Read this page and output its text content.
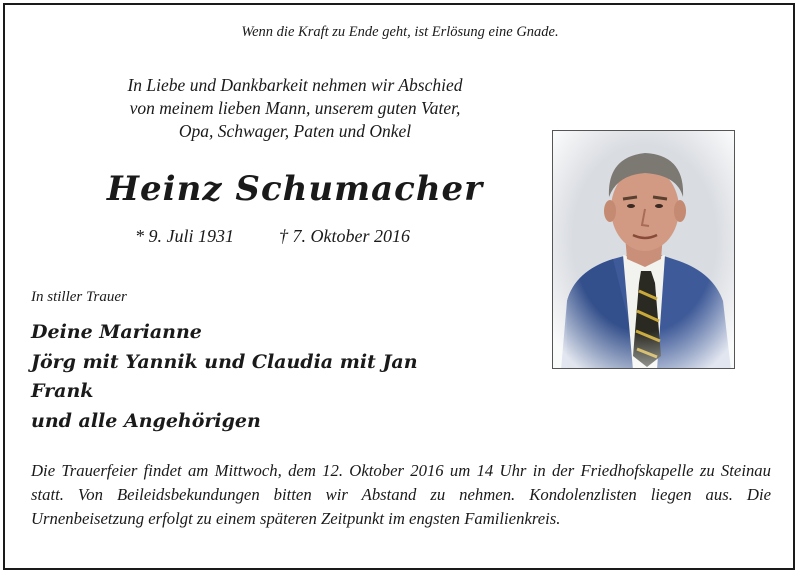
Wenn die Kraft zu Ende geht, ist Erlösung eine Gnade.
In Liebe und Dankbarkeit nehmen wir Abschied
von meinem lieben Mann, unserem guten Vater,
Opa, Schwager, Paten und Onkel
Heinz Schumacher
* 9. Juli 1931	† 7. Oktober 2016
In stiller Trauer
Deine Marianne
Jörg mit Yannik und Claudia mit Jan
Frank
und alle Angehörigen
Die Trauerfeier findet am Mittwoch, dem 12. Oktober 2016 um 14 Uhr in der Friedhofskapelle zu Steinau statt. Von Beileidsbekundungen bitten wir Abstand zu nehmen. Kondolenzlisten liegen aus. Die Urnenbeisetzung erfolgt zu einem späteren Zeitpunkt im engsten Familienkreis.
